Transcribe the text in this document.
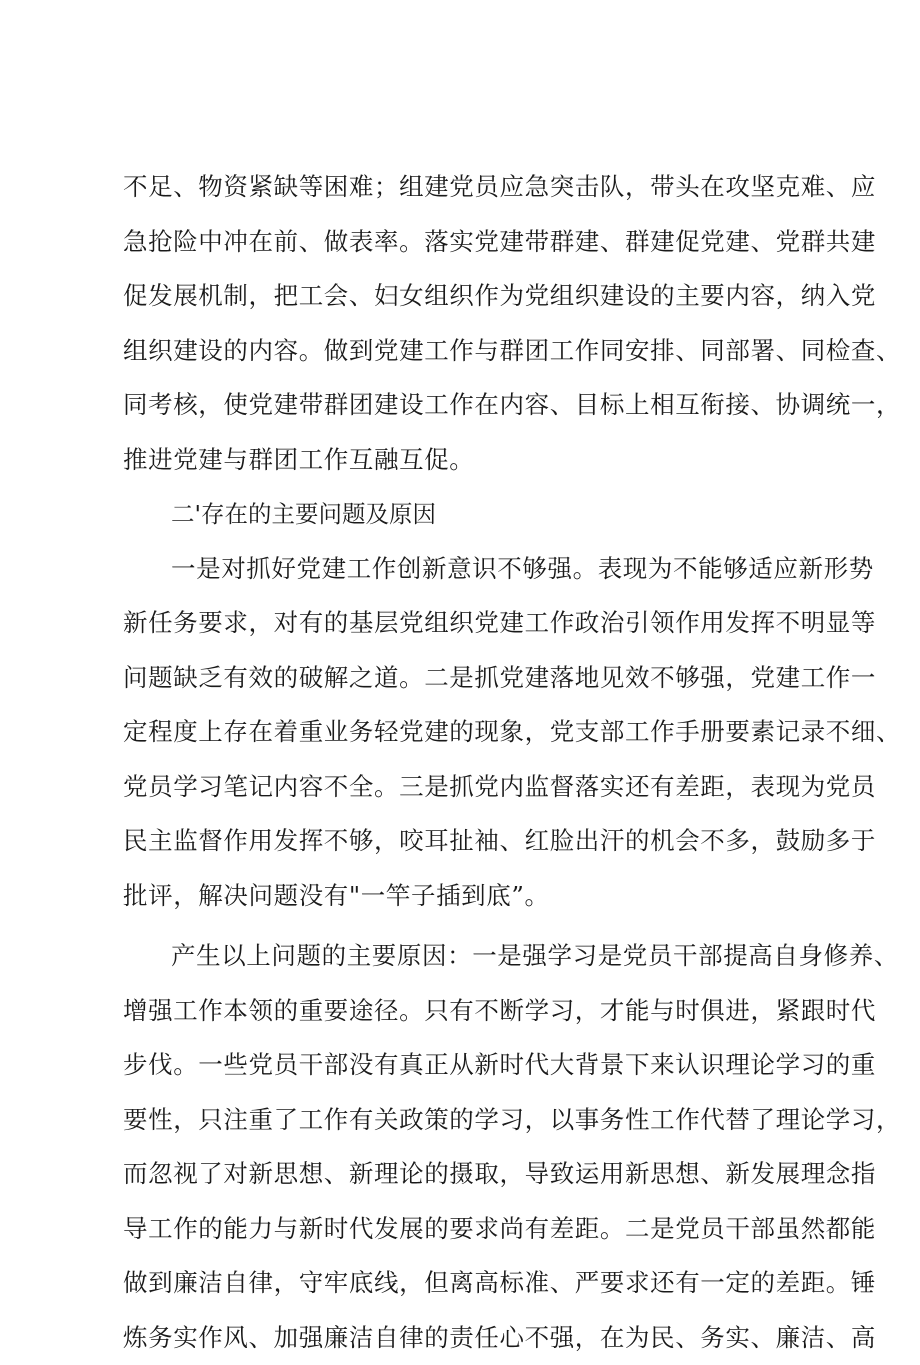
不足、物资紧缺等困难；组建党员应急突击队，带头在攻坚克难、应
急抢险中冲在前、做表率。落实党建带群建、群建促党建、党群共建
促发展机制，把工会、妇女组织作为党组织建设的主要内容，纳入党
组织建设的内容。做到党建工作与群团工作同安排、同部署、同检查、
同考核，使党建带群团建设工作在内容、目标上相互衔接、协调统一，
推进党建与群团工作互融互促。
二'存在的主要问题及原因
一是对抓好党建工作创新意识不够强。表现为不能够适应新形势
新任务要求，对有的基层党组织党建工作政治引领作用发挥不明显等
问题缺乏有效的破解之道。二是抓党建落地见效不够强，党建工作一
定程度上存在着重业务轻党建的现象，党支部工作手册要素记录不细、
党员学习笔记内容不全。三是抓党内监督落实还有差距，表现为党员
民主监督作用发挥不够，咬耳扯袖、红脸出汗的机会不多，鼓励多于
批评，解决问题没有"一竿子插到底”。
产生以上问题的主要原因：一是强学习是党员干部提高自身修养、
增强工作本领的重要途径。只有不断学习，才能与时俱进，紧跟时代
步伐。一些党员干部没有真正从新时代大背景下来认识理论学习的重
要性，只注重了工作有关政策的学习，以事务性工作代替了理论学习，
而忽视了对新思想、新理论的摄取，导致运用新思想、新发展理念指
导工作的能力与新时代发展的要求尚有差距。二是党员干部虽然都能
做到廉洁自律，守牢底线，但离高标准、严要求还有一定的差距。锤
炼务实作风、加强廉洁自律的责任心不强，在为民、务实、廉洁、高
